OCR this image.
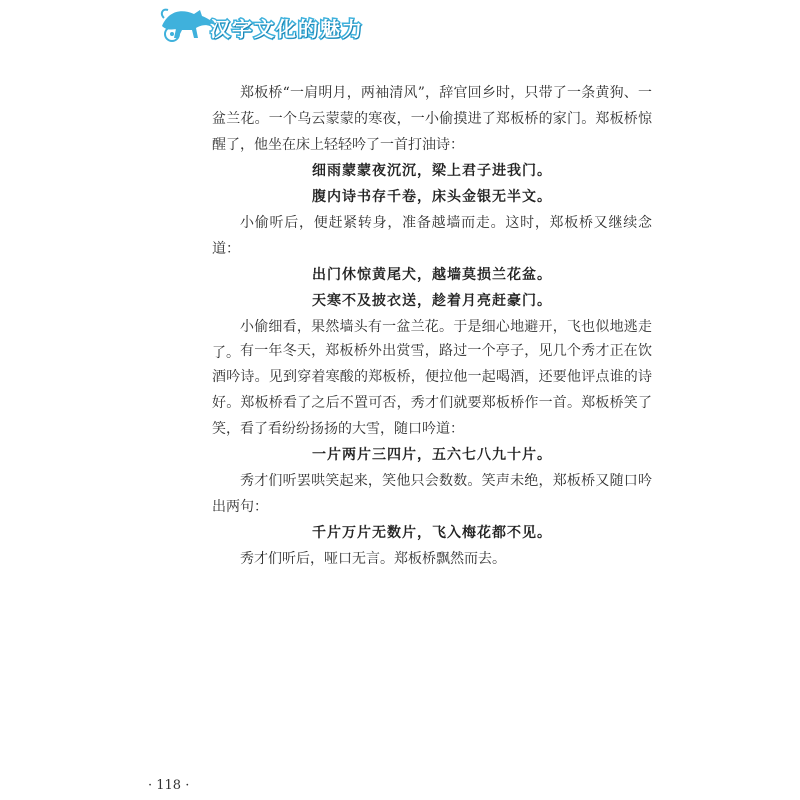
汉字文化的魅力

郑板桥“一肩明月，两袖清风”，辞官回乡时，只带了一条黄狗、一盆兰花。一个乌云蒙蒙的寒夜，一小偷摸进了郑板桥的家门。郑板桥惊醒了，他坐在床上轻轻吟了一首打油诗：

细雨蒙蒙夜沉沉，梁上君子进我门。

腹内诗书存千卷，床头金银无半文。

小偷听后，便赶紧转身，准备越墙而走。这时，郑板桥又继续念道：

出门休惊黄尾犬，越墙莫损兰花盆。

天寒不及披衣送，趁着月亮赶豪门。

小偷细看，果然墙头有一盆兰花。于是细心地避开，飞也似地逃走了。 有一年冬天，郑板桥外出赏雪，路过一个亭子，见几个秀才正在饮酒吟诗。见到穿着寒酸的郑板桥，便拉他一起喝酒，还要他评点谁的诗好。郑板桥看了之后不置可否，秀才们就要郑板桥作一首。郑板桥笑了笑，看了看纷纷扬扬的大雪，随口吟道：

一片两片三四片，五六七八九十片。

秀才们听罢哄笑起来，笑他只会数数。笑声未绝，郑板桥又随口吟出两句：

千片万片无数片，飞入梅花都不见。

秀才们听后，哑口无言。郑板桥飘然而去。

· 118 ·
